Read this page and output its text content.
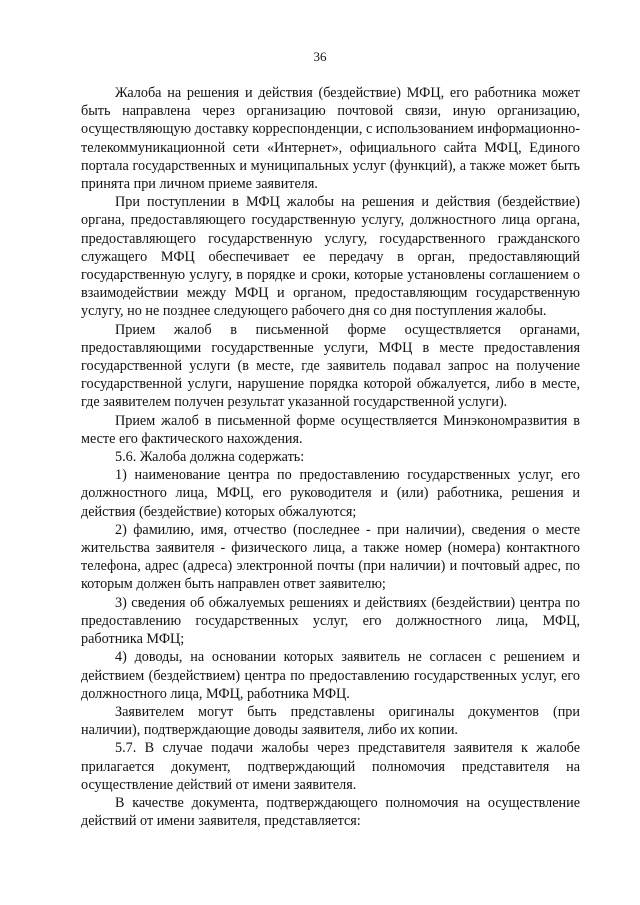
36

Жалоба на решения и действия (бездействие) МФЦ, его работника может быть направлена через организацию почтовой связи, иную организацию, осуществляющую доставку корреспонденции, с использованием информационно-телекоммуникационной сети «Интернет», официального сайта МФЦ, Единого портала государственных и муниципальных услуг (функций), а также может быть принята при личном приеме заявителя.

При поступлении в МФЦ жалобы на решения и действия (бездействие) органа, предоставляющего государственную услугу, должностного лица органа, предоставляющего государственную услугу, государственного гражданского служащего МФЦ обеспечивает ее передачу в орган, предоставляющий государственную услугу, в порядке и сроки, которые установлены соглашением о взаимодействии между МФЦ и органом, предоставляющим государственную услугу, но не позднее следующего рабочего дня со дня поступления жалобы.

Прием жалоб в письменной форме осуществляется органами, предоставляющими государственные услуги, МФЦ в месте предоставления государственной услуги (в месте, где заявитель подавал запрос на получение государственной услуги, нарушение порядка которой обжалуется, либо в месте, где заявителем получен результат указанной государственной услуги).

Прием жалоб в письменной форме осуществляется Минэкономразвития в месте его фактического нахождения.

5.6. Жалоба должна содержать:

1) наименование центра по предоставлению государственных услуг, его должностного лица, МФЦ, его руководителя и (или) работника, решения и действия (бездействие) которых обжалуются;

2) фамилию, имя, отчество (последнее - при наличии), сведения о месте жительства заявителя - физического лица, а также номер (номера) контактного телефона, адрес (адреса) электронной почты (при наличии) и почтовый адрес, по которым должен быть направлен ответ заявителю;

3) сведения об обжалуемых решениях и действиях (бездействии) центра по предоставлению государственных услуг, его должностного лица, МФЦ, работника МФЦ;

4) доводы, на основании которых заявитель не согласен с решением и действием (бездействием) центра по предоставлению государственных услуг, его должностного лица, МФЦ, работника МФЦ.

Заявителем могут быть представлены оригиналы документов (при наличии), подтверждающие доводы заявителя, либо их копии.

5.7. В случае подачи жалобы через представителя заявителя к жалобе прилагается документ, подтверждающий полномочия представителя на осуществление действий от имени заявителя.

В качестве документа, подтверждающего полномочия на осуществление действий от имени заявителя, представляется:
